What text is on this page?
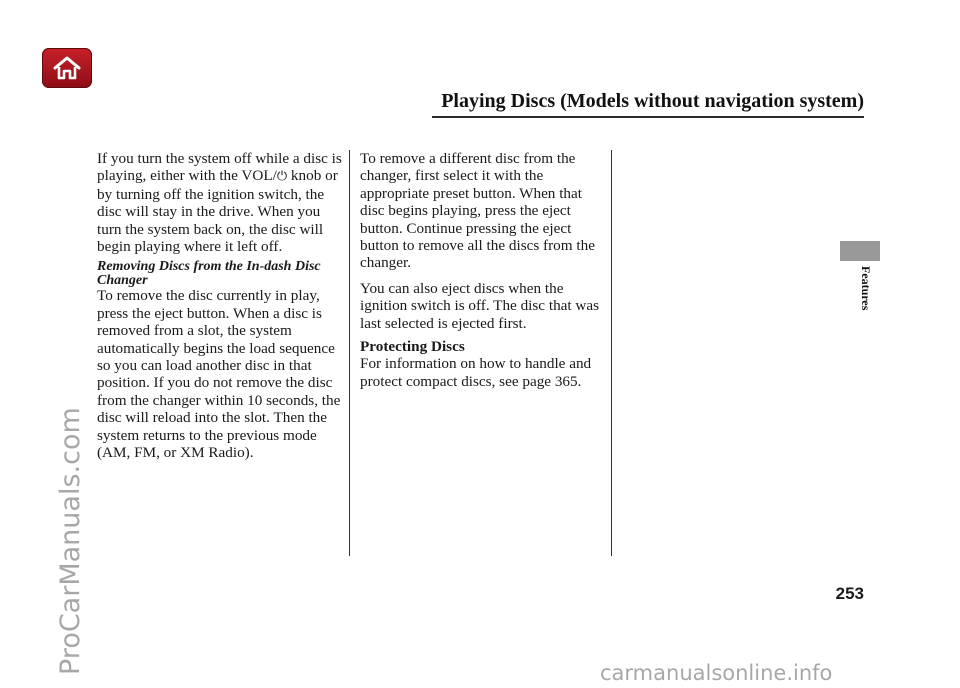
Playing Discs (Models without navigation system)

If you turn the system off while a disc is playing, either with the VOL/⏻ knob or by turning off the ignition switch, the disc will stay in the drive. When you turn the system back on, the disc will begin playing where it left off.

Removing Discs from the In-dash Disc Changer

To remove the disc currently in play, press the eject button. When a disc is removed from a slot, the system automatically begins the load sequence so you can load another disc in that position. If you do not remove the disc from the changer within 10 seconds, the disc will reload into the slot. Then the system returns to the previous mode (AM, FM, or XM Radio).

To remove a different disc from the changer, first select it with the appropriate preset button. When that disc begins playing, press the eject button. Continue pressing the eject button to remove all the discs from the changer.

You can also eject discs when the ignition switch is off. The disc that was last selected is ejected first.

Protecting Discs

For information on how to handle and protect compact discs, see page 365.

Features
253
ProCarManuals.com	carmanualsonline.info
